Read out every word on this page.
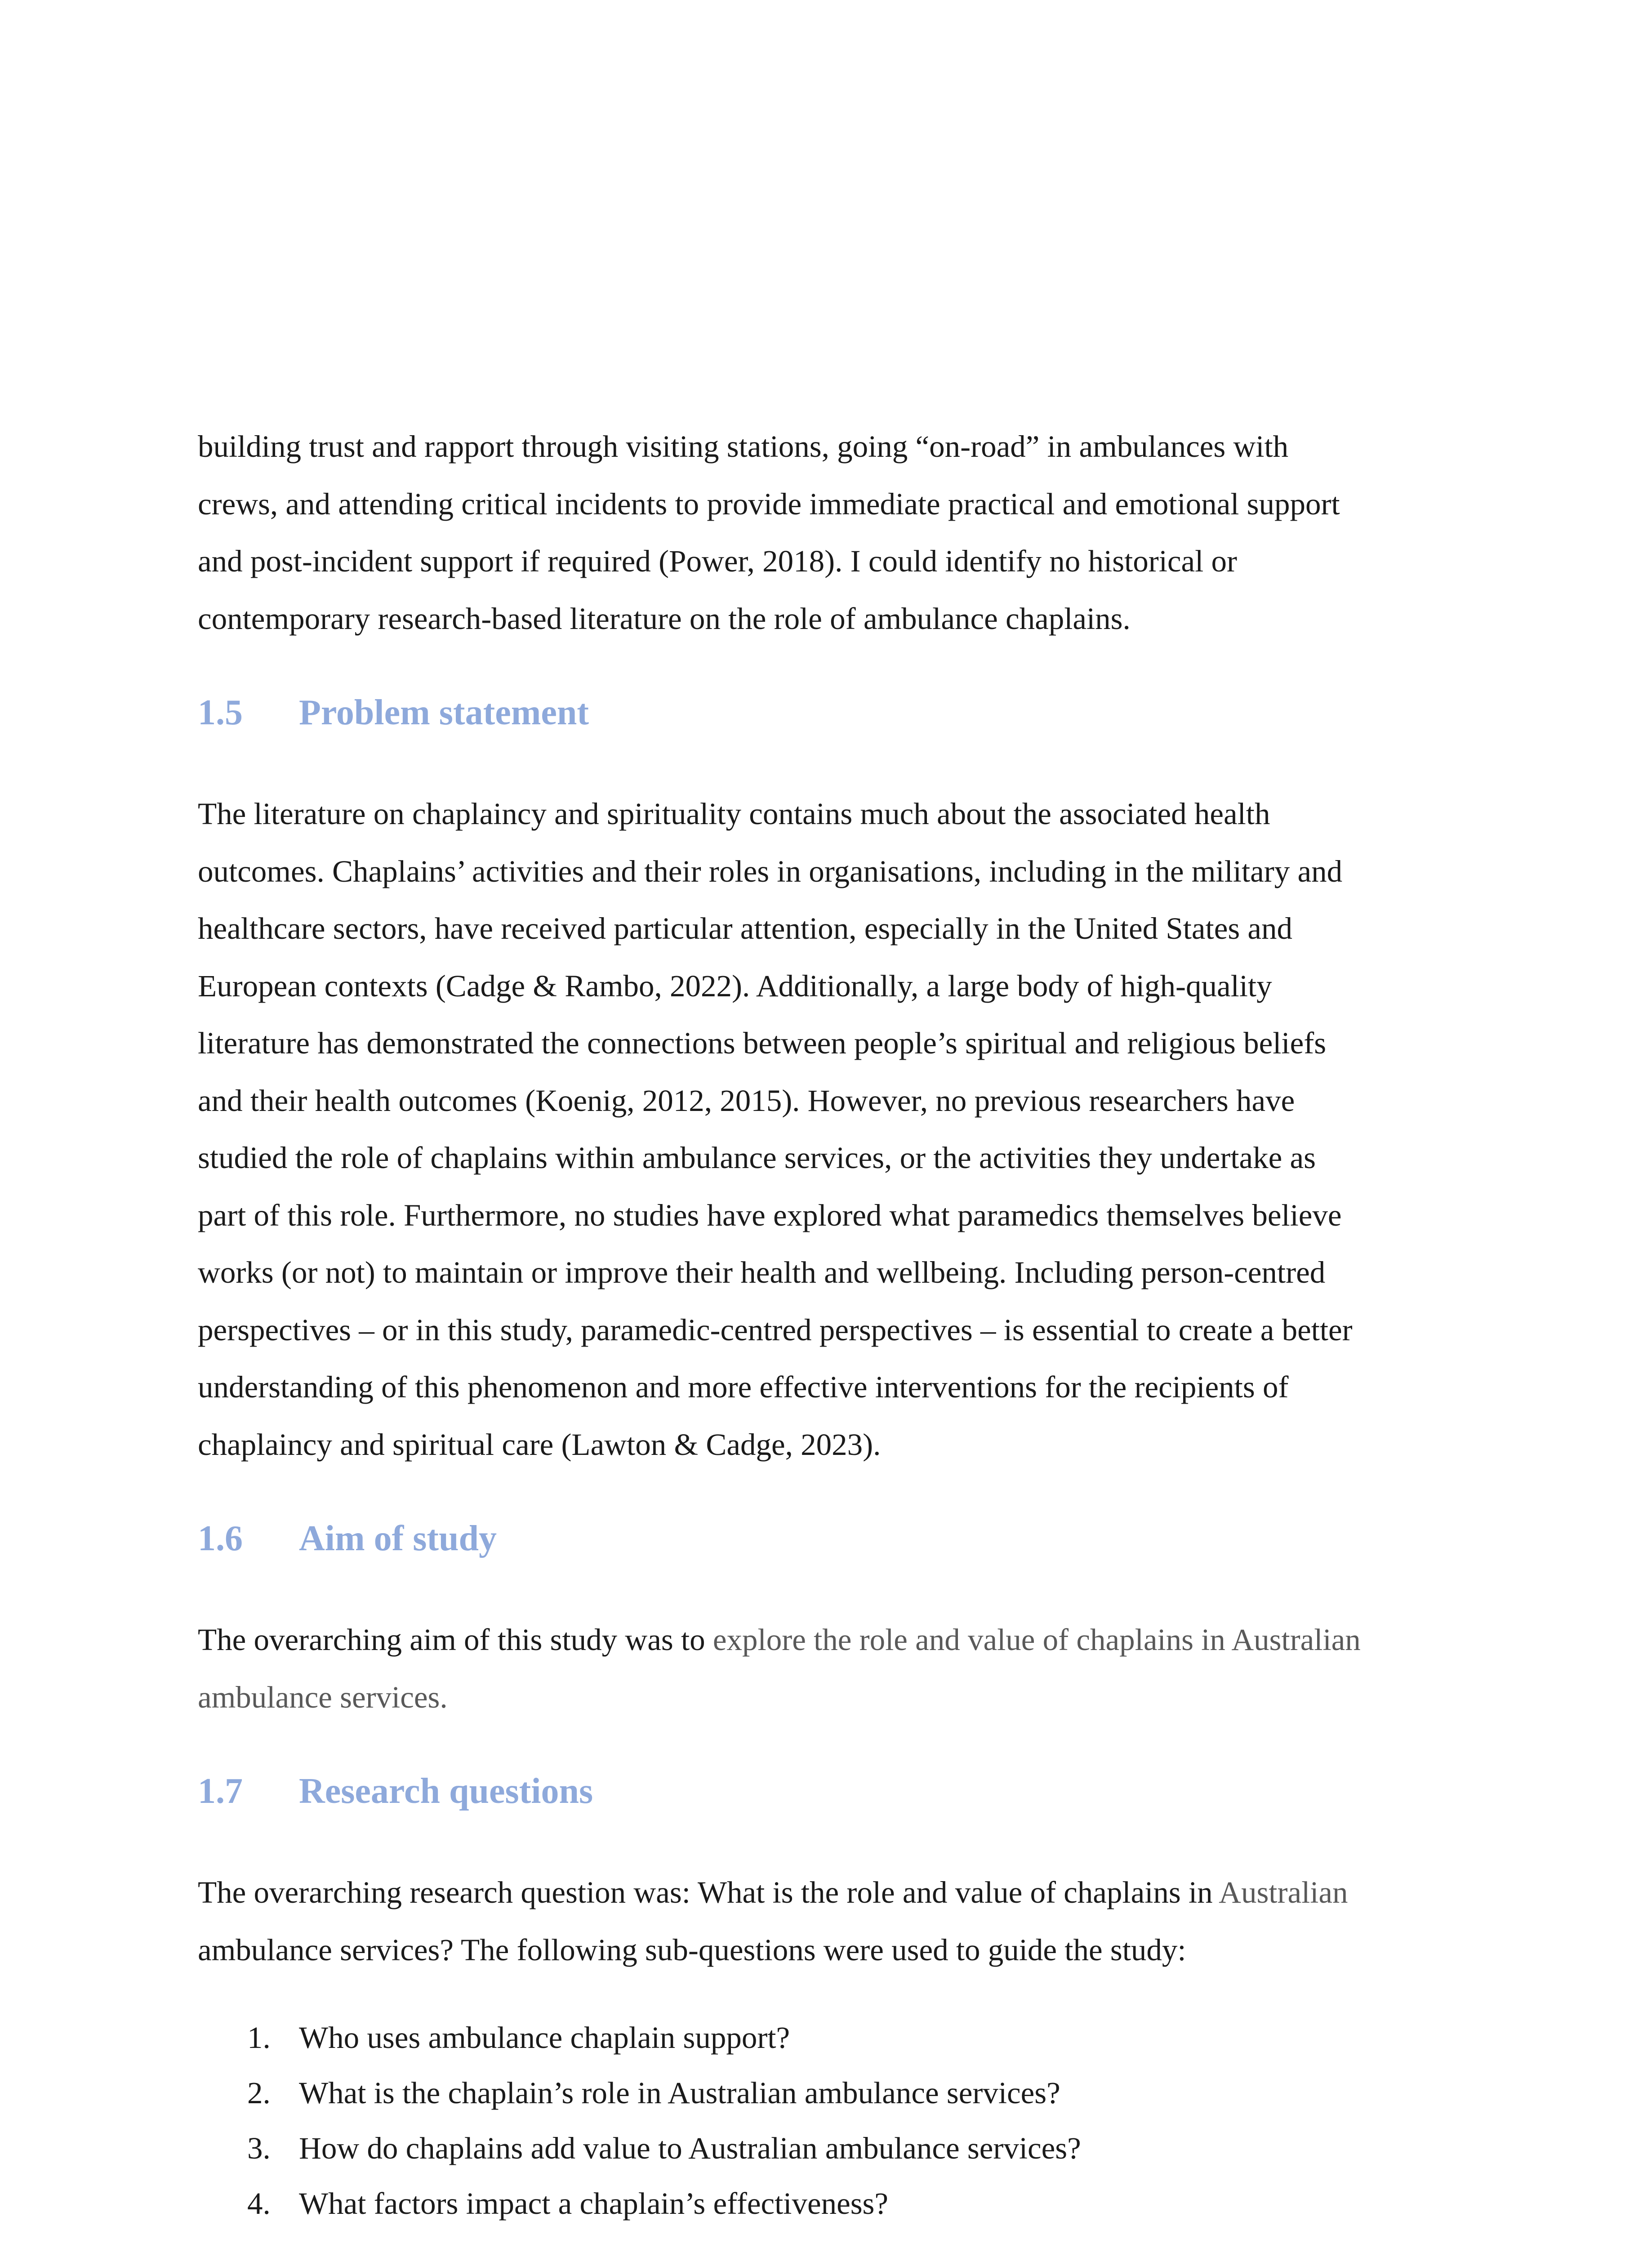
building trust and rapport through visiting stations, going “on-road” in ambulances with
crews, and attending critical incidents to provide immediate practical and emotional support
and post-incident support if required (Power, 2018). I could identify no historical or
contemporary research-based literature on the role of ambulance chaplains.

1.5 Problem statement

The literature on chaplaincy and spirituality contains much about the associated health
outcomes. Chaplains’ activities and their roles in organisations, including in the military and
healthcare sectors, have received particular attention, especially in the United States and
European contexts (Cadge & Rambo, 2022). Additionally, a large body of high-quality
literature has demonstrated the connections between people’s spiritual and religious beliefs
and their health outcomes (Koenig, 2012, 2015). However, no previous researchers have
studied the role of chaplains within ambulance services, or the activities they undertake as
part of this role. Furthermore, no studies have explored what paramedics themselves believe
works (or not) to maintain or improve their health and wellbeing. Including person-centred
perspectives – or in this study, paramedic-centred perspectives – is essential to create a better
understanding of this phenomenon and more effective interventions for the recipients of
chaplaincy and spiritual care (Lawton & Cadge, 2023).

1.6 Aim of study

The overarching aim of this study was to explore the role and value of chaplains in Australian
ambulance services.

1.7 Research questions

The overarching research question was: What is the role and value of chaplains in Australian
ambulance services? The following sub-questions were used to guide the study:

1. Who uses ambulance chaplain support?
2. What is the chaplain’s role in Australian ambulance services?
3. How do chaplains add value to Australian ambulance services?
4. What factors impact a chaplain’s effectiveness?
